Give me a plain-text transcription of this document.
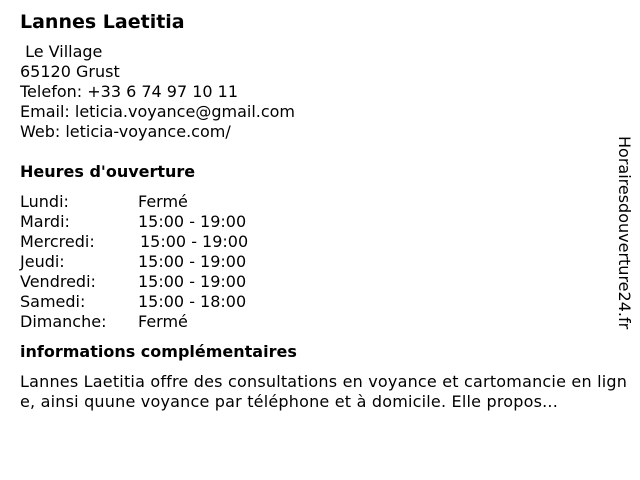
Lannes Laetitia
Le Village
65120 Grust
Telefon: +33 6 74 97 10 11
Email: leticia.voyance@gmail.com
Web: leticia-voyance.com/
Heures d'ouverture
Lundi:	Fermé
Mardi:	15:00 - 19:00
Mercredi:	15:00 - 19:00
Jeudi:	15:00 - 19:00
Vendredi:	15:00 - 19:00
Samedi:	15:00 - 18:00
Dimanche: Fermé
informations complémentaires
Lannes Laetitia offre des consultations en voyance et cartomancie en ligne, ainsi quune voyance par téléphone et à domicile. Elle propos...
Horairesdouverture24.fr
